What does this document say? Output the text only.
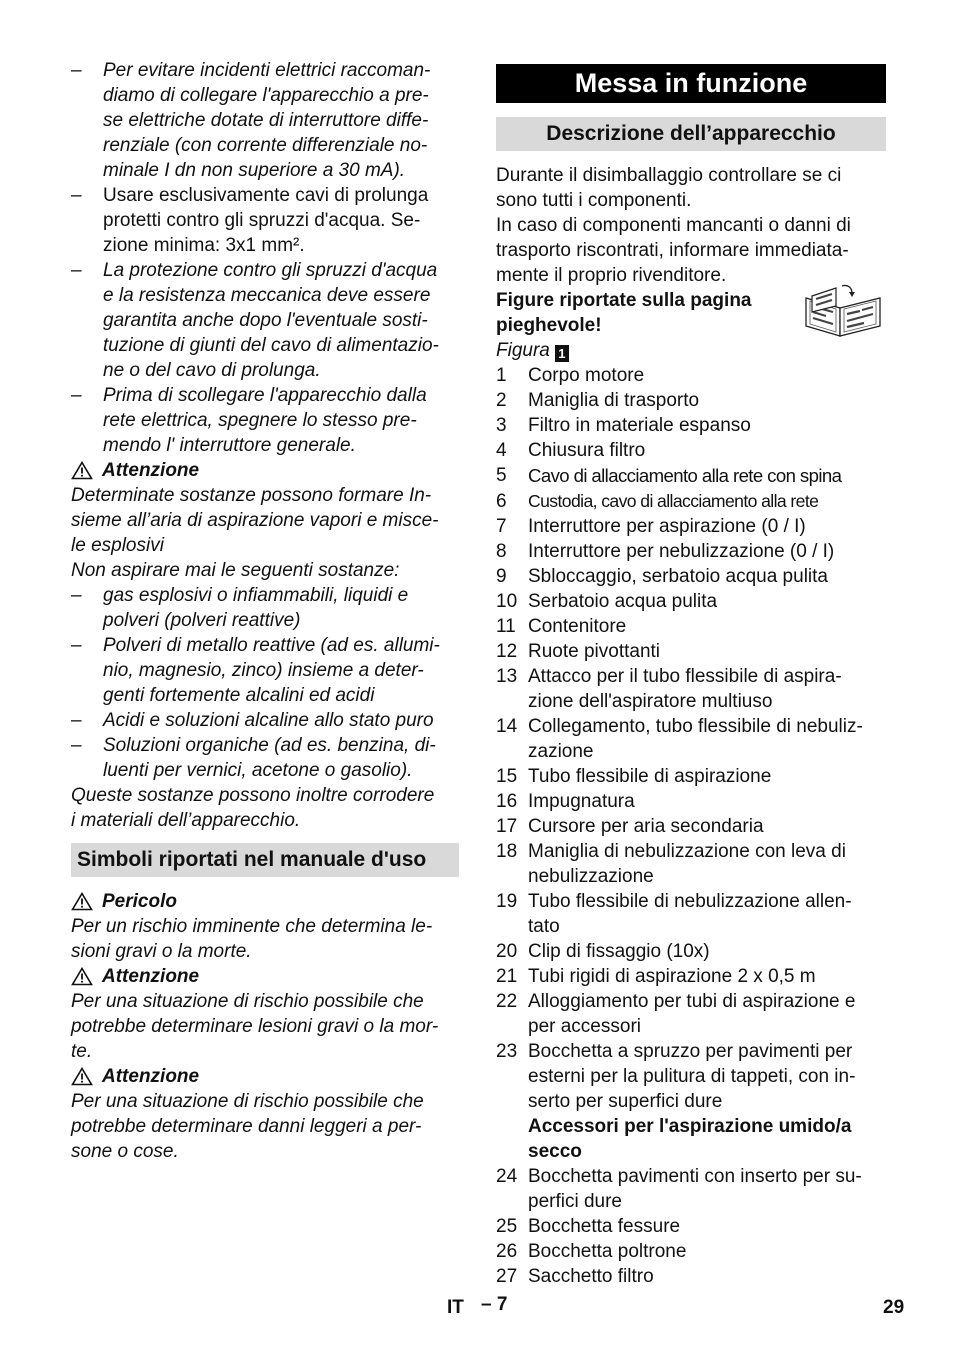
– Per evitare incidenti elettrici raccoman-
diamo di collegare l'apparecchio a pre-
se elettriche dotate di interruttore diffe-
renziale (con corrente differenziale no-
minale I dn non superiore a 30 mA).
– Usare esclusivamente cavi di prolunga
protetti contro gli spruzzi d'acqua. Se-
zione minima: 3x1 mm².
– La protezione contro gli spruzzi d'acqua
e la resistenza meccanica deve essere
garantita anche dopo l'eventuale sosti-
tuzione di giunti del cavo di alimentazio-
ne o del cavo di prolunga.
– Prima di scollegare l'apparecchio dalla
rete elettrica, spegnere lo stesso pre-
mendo l' interruttore generale.
Attenzione
Determinate sostanze possono formare In-
sieme all’aria di aspirazione vapori e misce-
le esplosivi
Non aspirare mai le seguenti sostanze:
– gas esplosivi o infiammabili, liquidi e
polveri (polveri reattive)
– Polveri di metallo reattive (ad es. allumi-
nio, magnesio, zinco) insieme a deter-
genti fortemente alcalini ed acidi
– Acidi e soluzioni alcaline allo stato puro
– Soluzioni organiche (ad es. benzina, di-
luenti per vernici, acetone o gasolio).
Queste sostanze possono inoltre corrodere
i materiali dell’apparecchio.
Simboli riportati nel manuale d'uso
Pericolo
Per un rischio imminente che determina le-
sioni gravi o la morte.
Attenzione
Per una situazione di rischio possibile che
potrebbe determinare lesioni gravi o la mor-
te.
Attenzione
Per una situazione di rischio possibile che
potrebbe determinare danni leggeri a per-
sone o cose.
Messa in funzione
Descrizione dell’apparecchio
Durante il disimballaggio controllare se ci
sono tutti i componenti.
In caso di componenti mancanti o danni di
trasporto riscontrati, informare immediata-
mente il proprio rivenditore.
Figure riportate sulla pagina
pieghevole!
Figura 1
1 Corpo motore
2 Maniglia di trasporto
3 Filtro in materiale espanso
4 Chiusura filtro
5 Cavo di allacciamento alla rete con spina
6 Custodia, cavo di allacciamento alla rete
7 Interruttore per aspirazione (0 / I)
8 Interruttore per nebulizzazione (0 / I)
9 Sbloccaggio, serbatoio acqua pulita
10 Serbatoio acqua pulita
11 Contenitore
12 Ruote pivottanti
13 Attacco per il tubo flessibile di aspira-
zione dell'aspiratore multiuso
14 Collegamento, tubo flessibile di nebuliz-
zazione
15 Tubo flessibile di aspirazione
16 Impugnatura
17 Cursore per aria secondaria
18 Maniglia di nebulizzazione con leva di
nebulizzazione
19 Tubo flessibile di nebulizzazione allen-
tato
20 Clip di fissaggio (10x)
21 Tubi rigidi di aspirazione 2 x 0,5 m
22 Alloggiamento per tubi di aspirazione e
per accessori
23 Bocchetta a spruzzo per pavimenti per
esterni per la pulitura di tappeti, con in-
serto per superfici dure
Accessori per l'aspirazione umido/a
secco
24 Bocchetta pavimenti con inserto per su-
perfici dure
25 Bocchetta fessure
26 Bocchetta poltrone
27 Sacchetto filtro
IT – 7	29
